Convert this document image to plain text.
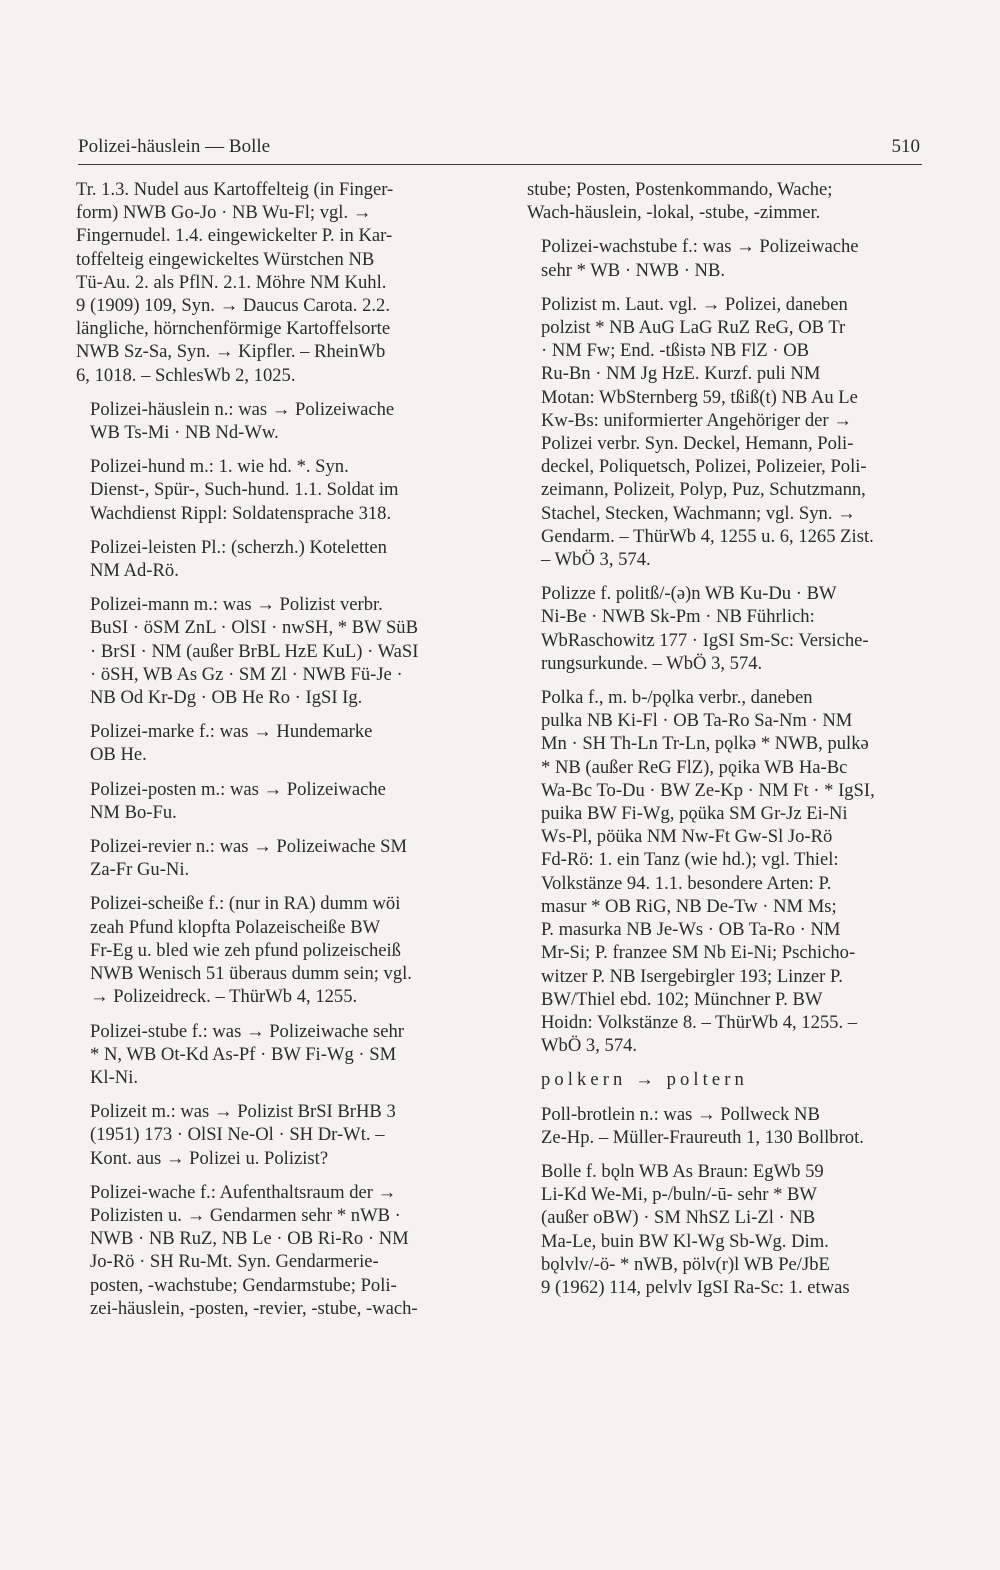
Polizei-häuslein — Bolle	510

Tr. 1.3. Nudel aus Kartoffelteig (in Finger-
form) NWB Go-Jo · NB Wu-Fl; vgl. →
Fingernudel. 1.4. eingewickelter P. in Kar-
toffelteig eingewickeltes Würstchen NB
Tü-Au. 2. als PflN. 2.1. Möhre NM Kuhl.
9 (1909) 109, Syn. → Daucus Carota. 2.2.
längliche, hörnchenförmige Kartoffelsorte
NWB Sz-Sa, Syn. → Kipfler. – RheinWb
6, 1018. – SchlesWb 2, 1025.

Polizei-häuslein n.: was → Polizeiwache
WB Ts-Mi · NB Nd-Ww.

Polizei-hund m.: 1. wie hd. *. Syn.
Dienst-, Spür-, Such-hund. 1.1. Soldat im
Wachdienst Rippl: Soldatensprache 318.

Polizei-leisten Pl.: (scherzh.) Koteletten
NM Ad-Rö.

Polizei-mann m.: was → Polizist verbr.
BuSI · öSM ZnL · OlSI · nwSH, * BW SüB
· BrSI · NM (außer BrBL HzE KuL) · WaSI
· öSH, WB As Gz · SM Zl · NWB Fü-Je ·
NB Od Kr-Dg · OB He Ro · IgSI Ig.

Polizei-marke f.: was → Hundemarke
OB He.

Polizei-posten m.: was → Polizeiwache
NM Bo-Fu.

Polizei-revier n.: was → Polizeiwache SM
Za-Fr Gu-Ni.

Polizei-scheiße f.: (nur in RA) dumm wöi
zeah Pfund klopfta Polazeischeiße BW
Fr-Eg u. bled wie zeh pfund polizeischeiß
NWB Wenisch 51 überaus dumm sein; vgl.
→ Polizeidreck. – ThürWb 4, 1255.

Polizei-stube f.: was → Polizeiwache sehr
* N, WB Ot-Kd As-Pf · BW Fi-Wg · SM
Kl-Ni.

Polizeit m.: was → Polizist BrSI BrHB 3
(1951) 173 · OlSI Ne-Ol · SH Dr-Wt. –
Kont. aus → Polizei u. Polizist?

Polizei-wache f.: Aufenthaltsraum der →
Polizisten u. → Gendarmen sehr * nWB ·
NWB · NB RuZ, NB Le · OB Ri-Ro · NM
Jo-Rö · SH Ru-Mt. Syn. Gendarmerie-
posten, -wachstube; Gendarmstube; Poli-
zei-häuslein, -posten, -revier, -stube, -wach-

stube; Posten, Postenkommando, Wache;
Wach-häuslein, -lokal, -stube, -zimmer.

Polizei-wachstube f.: was → Polizeiwache
sehr * WB · NWB · NB.

Polizist m. Laut. vgl. → Polizei, daneben
polzist * NB AuG LaG RuZ ReG, OB Tr
· NM Fw; End. -tßistə NB FlZ · OB
Ru-Bn · NM Jg HzE. Kurzf. puli NM
Motan: WbSternberg 59, tßiß(t) NB Au Le
Kw-Bs: uniformierter Angehöriger der →
Polizei verbr. Syn. Deckel, Hemann, Poli-
deckel, Poliquetsch, Polizei, Polizeier, Poli-
zeimann, Polizeit, Polyp, Puz, Schutzmann,
Stachel, Stecken, Wachmann; vgl. Syn. →
Gendarm. – ThürWb 4, 1255 u. 6, 1265 Zist.
– WbÖ 3, 574.

Polizze f. politß/-(ə)n WB Ku-Du · BW
Ni-Be · NWB Sk-Pm · NB Führlich:
WbRaschowitz 177 · IgSI Sm-Sc: Versiche-
rungsurkunde. – WbÖ 3, 574.

Polka f., m. b-/pǫlka verbr., daneben
pulka NB Ki-Fl · OB Ta-Ro Sa-Nm · NM
Mn · SH Th-Ln Tr-Ln, pǫlkə * NWB, pulkə
* NB (außer ReG FlZ), pǫika WB Ha-Bc
Wa-Bc To-Du · BW Ze-Kp · NM Ft · * IgSI,
puika BW Fi-Wg, pǫüka SM Gr-Jz Ei-Ni
Ws-Pl, pöüka NM Nw-Ft Gw-Sl Jo-Rö
Fd-Rö: 1. ein Tanz (wie hd.); vgl. Thiel:
Volkstänze 94. 1.1. besondere Arten: P.
masur * OB RiG, NB De-Tw · NM Ms;
P. masurka NB Je-Ws · OB Ta-Ro · NM
Mr-Si; P. franzee SM Nb Ei-Ni; Pschicho-
witzer P. NB Isergebirgler 193; Linzer P.
BW/Thiel ebd. 102; Münchner P. BW
Hoidn: Volkstänze 8. – ThürWb 4, 1255. –
WbÖ 3, 574.

polkern → poltern

Poll-brotlein n.: was → Pollweck NB
Ze-Hp. – Müller-Fraureuth 1, 130 Bollbrot.

Bolle f. bǫln WB As Braun: EgWb 59
Li-Kd We-Mi, p-/buln/-ū- sehr * BW
(außer oBW) · SM NhSZ Li-Zl · NB
Ma-Le, buin BW Kl-Wg Sb-Wg. Dim.
bǫlvlv/-ö- * nWB, pölv(r)l WB Pe/JbE
9 (1962) 114, pelvlv IgSI Ra-Sc: 1. etwas
